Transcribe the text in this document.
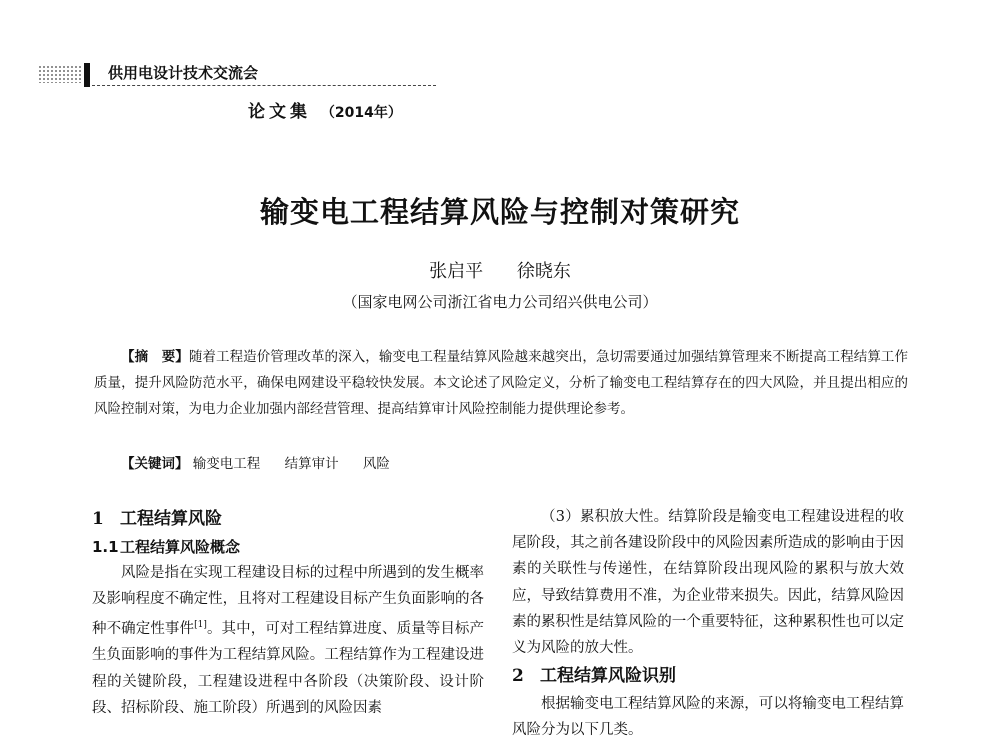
供用电设计技术交流会
论文集 （2014年）
输变电工程结算风险与控制对策研究
张启平 徐晓东
（国家电网公司浙江省电力公司绍兴供电公司）
【摘　要】随着工程造价管理改革的深入，输变电工程量结算风险越来越突出，急切需要通过加强结算管理来不断提高工程结算工作质量，提升风险防范水平，确保电网建设平稳较快发展。本文论述了风险定义，分析了输变电工程结算存在的四大风险，并且提出相应的风险控制对策，为电力企业加强内部经营管理、提高结算审计风险控制能力提供理论参考。
【关键词】 输变电工程 结算审计 风险
1 工程结算风险
1.1工程结算风险概念

风险是指在实现工程建设目标的过程中所遇到的发生概率及影响程度不确定性，且将对工程建设目标产生负面影响的各种不确定性事件[1]。其中，可对工程结算进度、质量等目标产生负面影响的事件为工程结算风险。工程结算作为工程建设进程的关键阶段，工程建设进程中各阶段（决策阶段、设计阶段、招标阶段、施工阶段）所遇到的风险因素

（3）累积放大性。结算阶段是输变电工程建设进程的收尾阶段，其之前各建设阶段中的风险因素所造成的影响由于因素的关联性与传递性，在结算阶段出现风险的累积与放大效应，导致结算费用不准，为企业带来损失。因此，结算风险因素的累积性是结算风险的一个重要特征，这种累积性也可以定义为风险的放大性。

2 工程结算风险识别

根据输变电工程结算风险的来源，可以将输变电工程结算风险分为以下几类。
